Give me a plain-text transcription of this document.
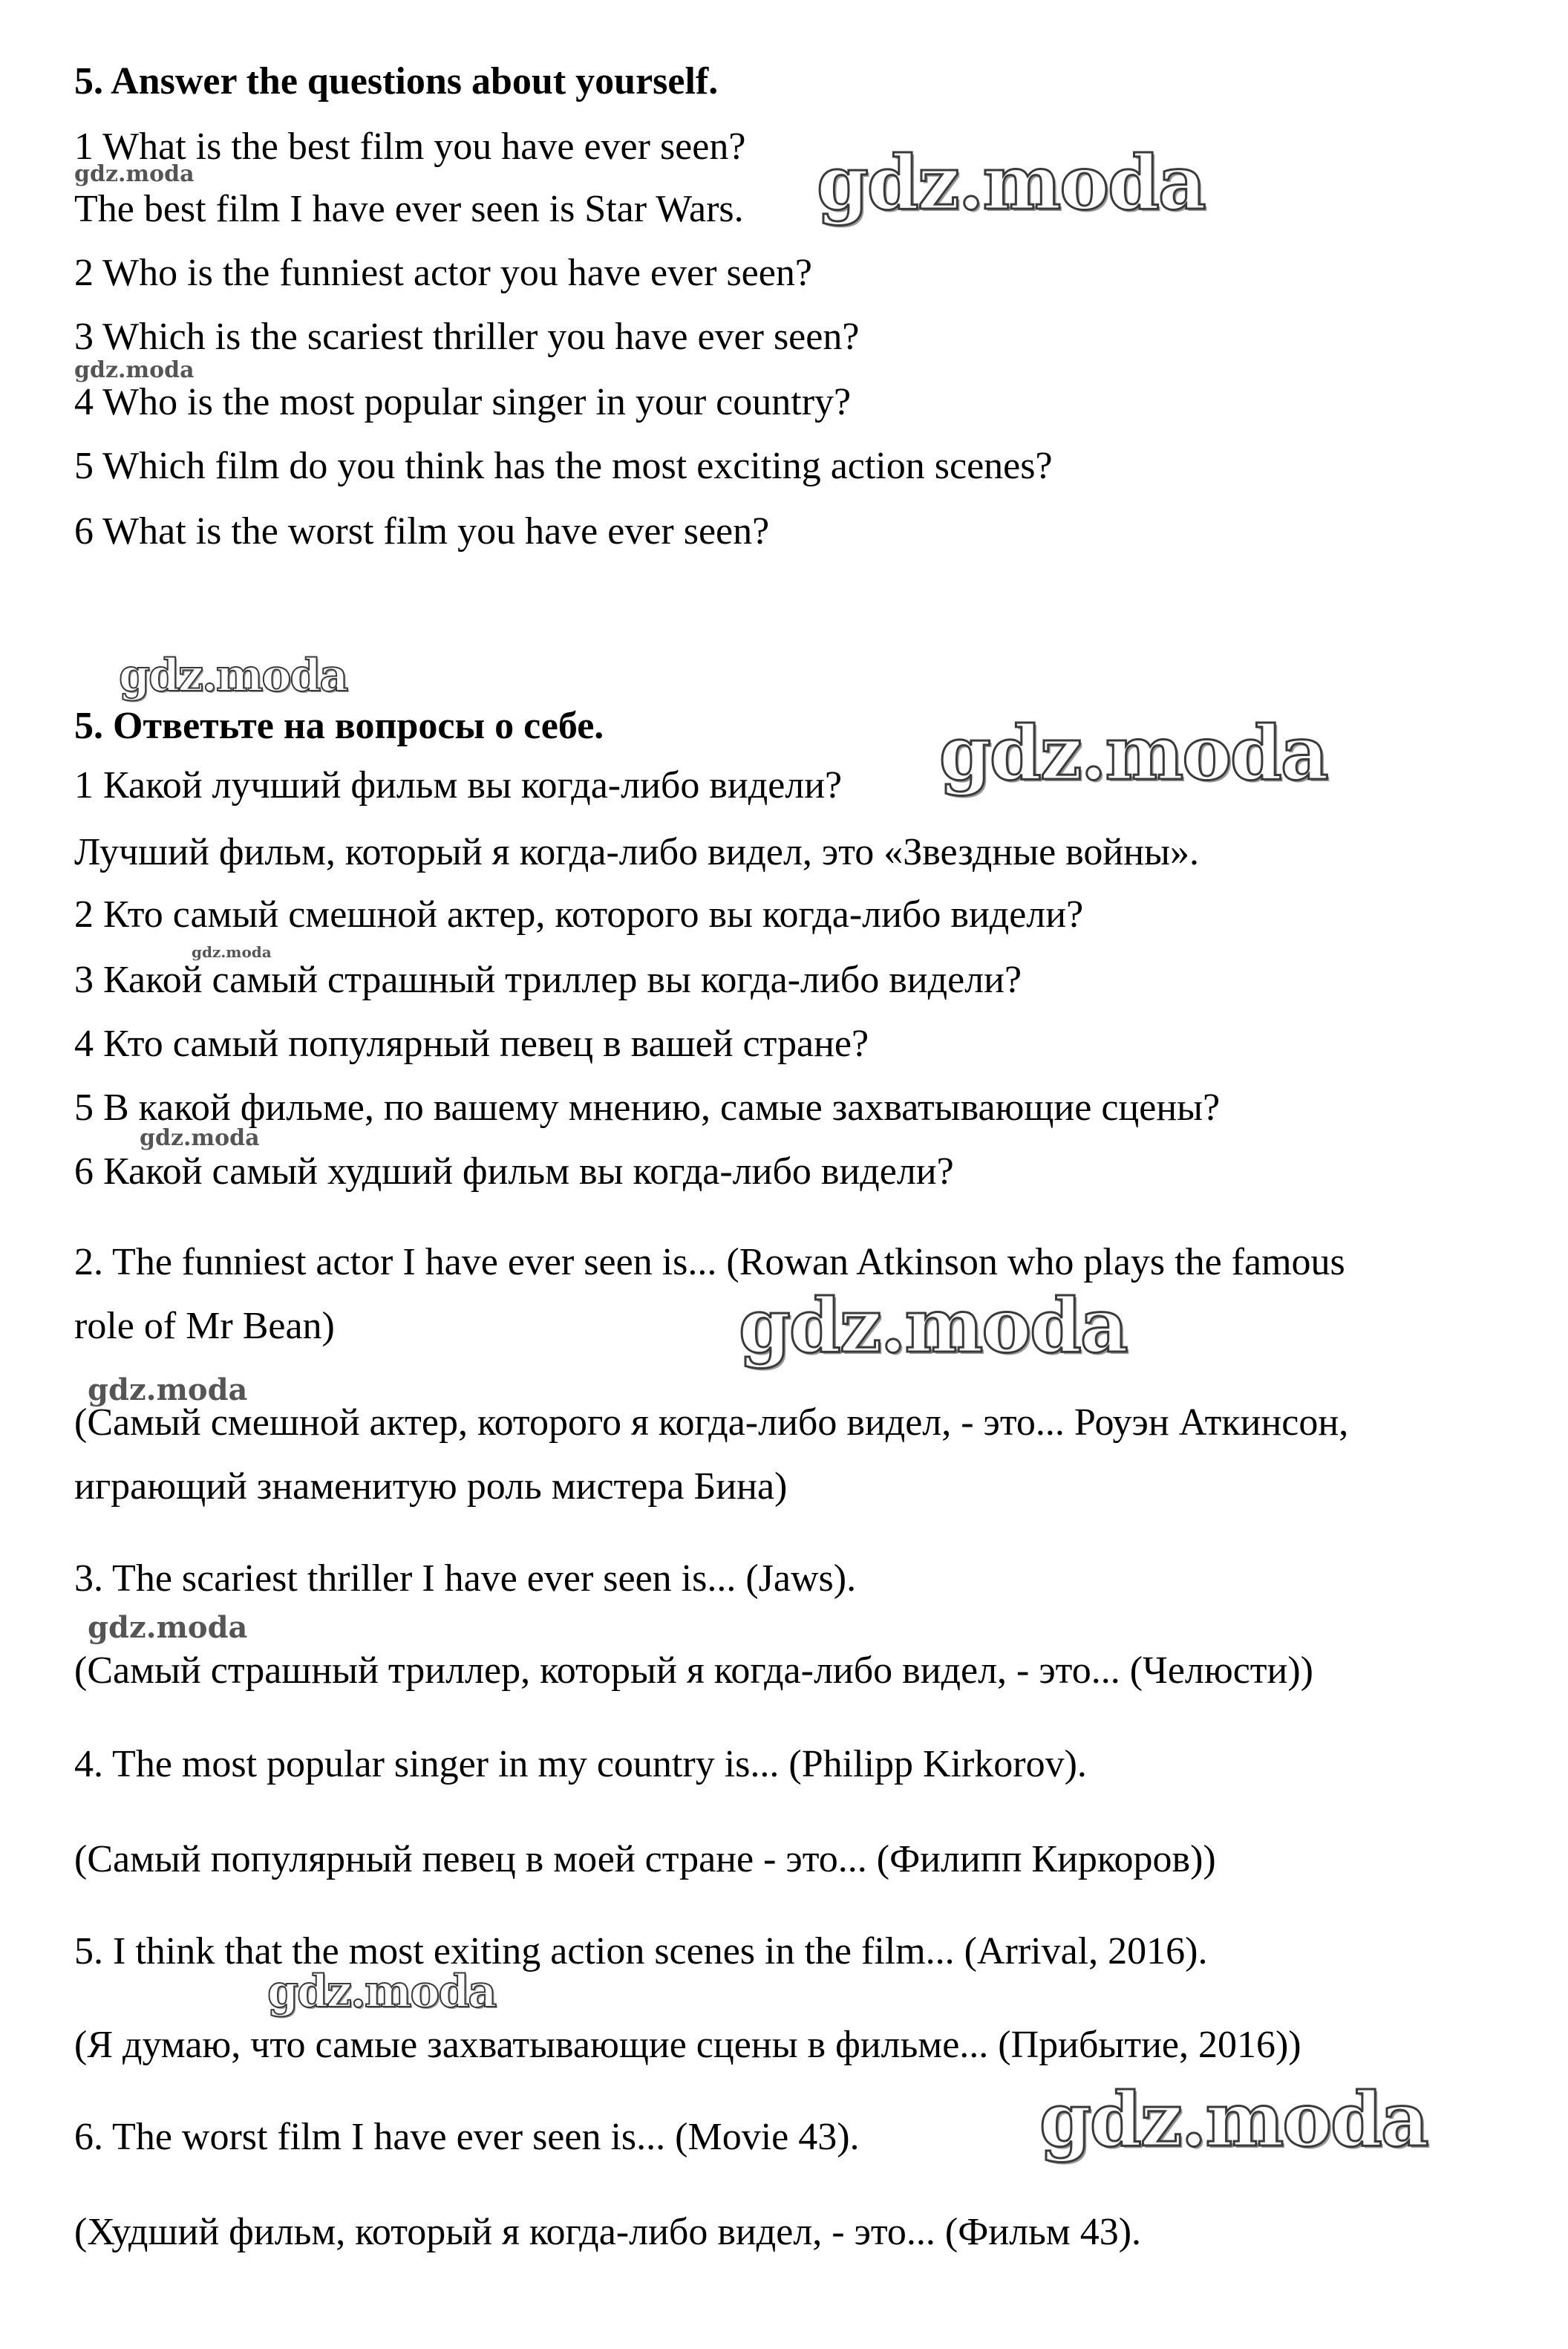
5. Answer the questions about yourself.

1 What is the best film you have ever seen?

The best film I have ever seen is Star Wars.

2 Who is the funniest actor you have ever seen?

3 Which is the scariest thriller you have ever seen?

4 Who is the most popular singer in your country?

5 Which film do you think has the most exciting action scenes?

6 What is the worst film you have ever seen?

5. Ответьте на вопросы о себе.

1 Какой лучший фильм вы когда-либо видели?

Лучший фильм, который я когда-либо видел, это «Звездные войны».

2 Кто самый смешной актер, которого вы когда-либо видели?

3 Какой самый страшный триллер вы когда-либо видели?

4 Кто самый популярный певец в вашей стране?

5 В какой фильме, по вашему мнению, самые захватывающие сцены?

6 Какой самый худший фильм вы когда-либо видели?

2. The funniest actor I have ever seen is... (Rowan Atkinson who plays the famous

role of Mr Bean)

(Самый смешной актер, которого я когда-либо видел, - это... Роуэн Аткинсон,

играющий знаменитую роль мистера Бина)

3. The scariest thriller I have ever seen is... (Jaws).

(Самый страшный триллер, который я когда-либо видел, - это... (Челюсти))

4. The most popular singer in my country is... (Philipp Kirkorov).

(Самый популярный певец в моей стране - это... (Филипп Киркоров))

5. I think that the most exiting action scenes in the film... (Arrival, 2016).

(Я думаю, что самые захватывающие сцены в фильме... (Прибытие, 2016))

6. The worst film I have ever seen is... (Movie 43).

(Худший фильм, который я когда-либо видел, - это... (Фильм 43).

gdz.moda
gdz.moda
gdz.moda
gdz.moda
gdz.moda
gdz.moda
gdz.moda
gdz.moda
gdz.moda
gdz.moda
gdz.moda
gdz.moda
